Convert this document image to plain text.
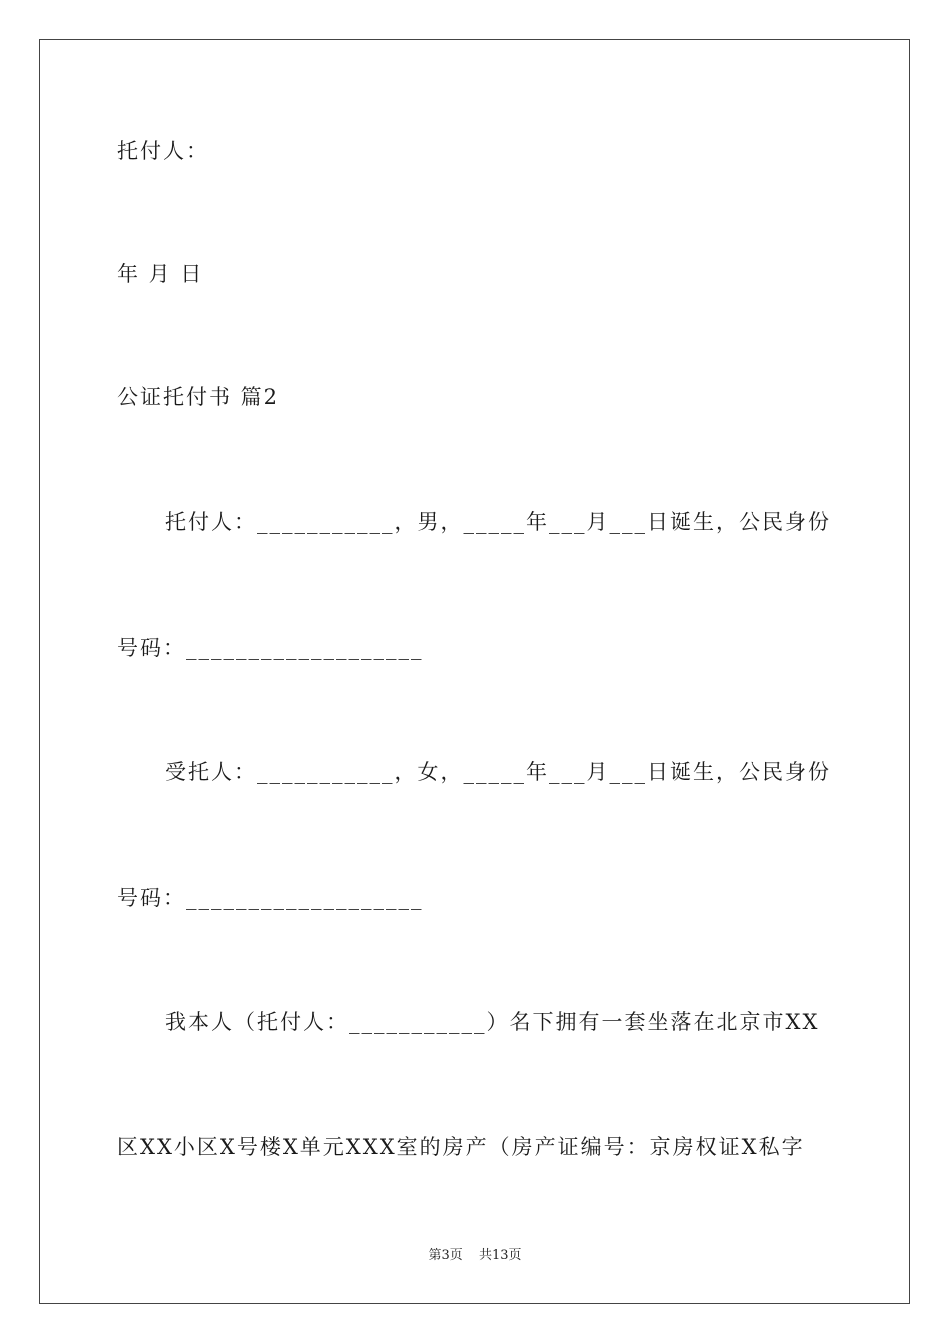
托付人：
年 月 日
公证托付书 篇2
托付人：___________，男，_____年___月___日诞生，公民身份
号码：___________________
受托人：___________，女，_____年___月___日诞生，公民身份
号码：___________________
我本人（托付人：___________）名下拥有一套坐落在北京市XX
区XX小区X号楼X单元XXX室的房产（房产证编号：京房权证X私字
第3页 共13页
